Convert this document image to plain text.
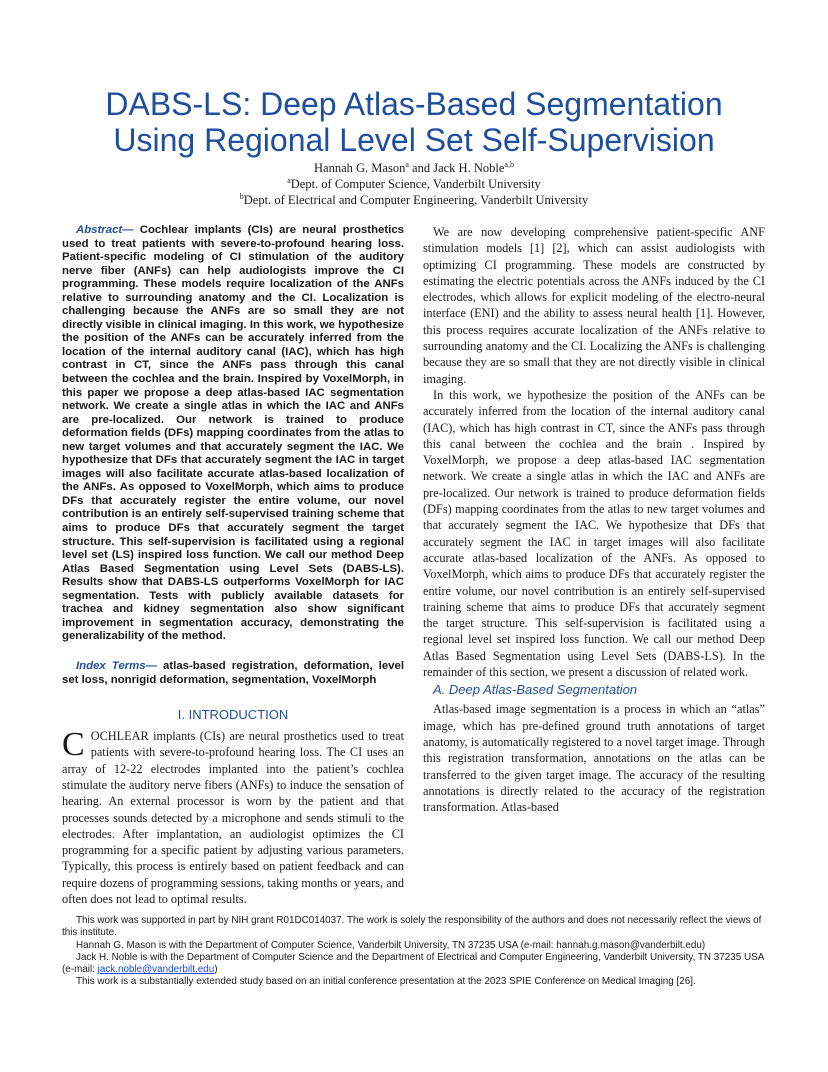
DABS-LS: Deep Atlas-Based Segmentation
Using Regional Level Set Self-Supervision
Hannah G. Mason$^a$ and Jack H. Noble$^{a,b}$
$^a$Dept. of Computer Science, Vanderbilt University
$^b$Dept. of Electrical and Computer Engineering, Vanderbilt University

Abstract— Cochlear implants (CIs) are neural prosthetics used to treat patients with severe-to-profound hearing loss. Patient-specific modeling of CI stimulation of the auditory nerve fiber (ANFs) can help audiologists improve the CI programming. These models require localization of the ANFs relative to surrounding anatomy and the CI. Localization is challenging because the ANFs are so small they are not directly visible in clinical imaging. In this work, we hypothesize the position of the ANFs can be accurately inferred from the location of the internal auditory canal (IAC), which has high contrast in CT, since the ANFs pass through this canal between the cochlea and the brain. Inspired by VoxelMorph, in this paper we propose a deep atlas-based IAC segmentation network. We create a single atlas in which the IAC and ANFs are pre-localized. Our network is trained to produce deformation fields (DFs) mapping coordinates from the atlas to new target volumes and that accurately segment the IAC. We hypothesize that DFs that accurately segment the IAC in target images will also facilitate accurate atlas-based localization of the ANFs. As opposed to VoxelMorph, which aims to produce DFs that accurately register the entire volume, our novel contribution is an entirely self-supervised training scheme that aims to produce DFs that accurately segment the target structure. This self-supervision is facilitated using a regional level set (LS) inspired loss function. We call our method Deep Atlas Based Segmentation using Level Sets (DABS-LS). Results show that DABS-LS outperforms VoxelMorph for IAC segmentation. Tests with publicly available datasets for trachea and kidney segmentation also show significant improvement in segmentation accuracy, demonstrating the generalizability of the method.

Index Terms— atlas-based registration, deformation, level set loss, nonrigid deformation, segmentation, VoxelMorph

I. INTRODUCTION

COCHLEAR implants (CIs) are neural prosthetics used to treat patients with severe-to-profound hearing loss. The CI uses an array of 12-22 electrodes implanted into the patient’s cochlea stimulate the auditory nerve fibers (ANFs) to induce the sensation of hearing. An external processor is worn by the patient and that processes sounds detected by a microphone and sends stimuli to the electrodes. After implantation, an audiologist optimizes the CI programming for a specific patient by adjusting various parameters. Typically, this process is entirely based on patient feedback and can require dozens of programming sessions, taking months or years, and often does not lead to optimal results.

We are now developing comprehensive patient-specific ANF stimulation models [1] [2], which can assist audiologists with optimizing CI programming. These models are constructed by estimating the electric potentials across the ANFs induced by the CI electrodes, which allows for explicit modeling of the electro-neural interface (ENI) and the ability to assess neural health [1]. However, this process requires accurate localization of the ANFs relative to surrounding anatomy and the CI. Localizing the ANFs is challenging because they are so small that they are not directly visible in clinical imaging.

In this work, we hypothesize the position of the ANFs can be accurately inferred from the location of the internal auditory canal (IAC), which has high contrast in CT, since the ANFs pass through this canal between the cochlea and the brain . Inspired by VoxelMorph, we propose a deep atlas-based IAC segmentation network. We create a single atlas in which the IAC and ANFs are pre-localized. Our network is trained to produce deformation fields (DFs) mapping coordinates from the atlas to new target volumes and that accurately segment the IAC. We hypothesize that DFs that accurately segment the IAC in target images will also facilitate accurate atlas-based localization of the ANFs. As opposed to VoxelMorph, which aims to produce DFs that accurately register the entire volume, our novel contribution is an entirely self-supervised training scheme that aims to produce DFs that accurately segment the target structure. This self-supervision is facilitated using a regional level set inspired loss function. We call our method Deep Atlas Based Segmentation using Level Sets (DABS-LS). In the remainder of this section, we present a discussion of related work.

A. Deep Atlas-Based Segmentation

Atlas-based image segmentation is a process in which an “atlas” image, which has pre-defined ground truth annotations of target anatomy, is automatically registered to a novel target image. Through this registration transformation, annotations on the atlas can be transferred to the given target image. The accuracy of the resulting annotations is directly related to the accuracy of the registration transformation. Atlas-based

This work was supported in part by NIH grant R01DC014037. The work is solely the responsibility of the authors and does not necessarily reflect the views of this institute.

Hannah G. Mason is with the Department of Computer Science, Vanderbilt University, TN 37235 USA (e-mail: hannah.g.mason@vanderbilt.edu)

Jack H. Noble is with the Department of Computer Science and the Department of Electrical and Computer Engineering, Vanderbilt University, TN 37235 USA (e-mail: jack.noble@vanderbilt.edu)

This work is a substantially extended study based on an initial conference presentation at the 2023 SPIE Conference on Medical Imaging [26].
